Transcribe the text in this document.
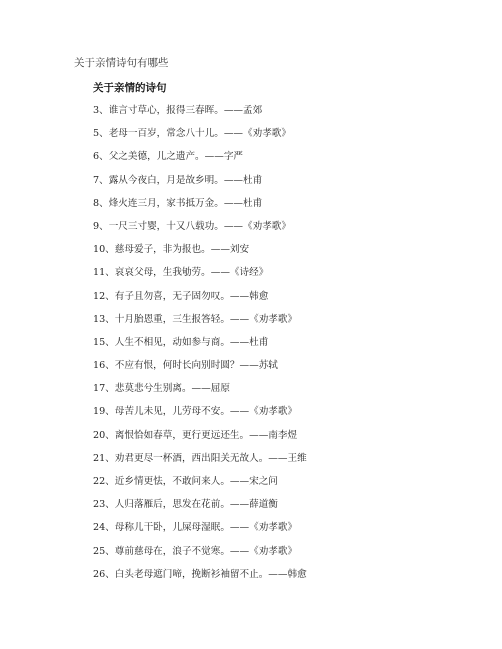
关于亲情诗句有哪些
关于亲情的诗句
3、谁言寸草心，报得三春晖。——孟郊
5、老母一百岁，常念八十儿。——《劝孝歌》
6、父之美德，儿之遗产。——字严
7、露从今夜白，月是故乡明。——杜甫
8、烽火连三月，家书抵万金。——杜甫
9、一尺三寸婴，十又八载功。——《劝孝歌》
10、慈母爱子，非为报也。——刘安
11、哀哀父母，生我劬劳。——《诗经》
12、有子且勿喜，无子固勿叹。——韩愈
13、十月胎恩重，三生报答轻。——《劝孝歌》
15、人生不相见，动如参与商。——杜甫
16、不应有恨，何时长向别时圆？——苏轼
17、悲莫悲兮生别离。——屈原
19、母苦儿未见，儿劳母不安。——《劝孝歌》
20、离恨恰如春草，更行更远还生。——南李煜
21、劝君更尽一杯酒，西出阳关无故人。——王维
22、近乡情更怯，不敢问来人。——宋之问
23、人归落雁后，思发在花前。——薛道衡
24、母称儿干卧，儿屎母湿眠。——《劝孝歌》
25、尊前慈母在，浪子不觉寒。——《劝孝歌》
26、白头老母遮门啼，挽断衫袖留不止。——韩愈
